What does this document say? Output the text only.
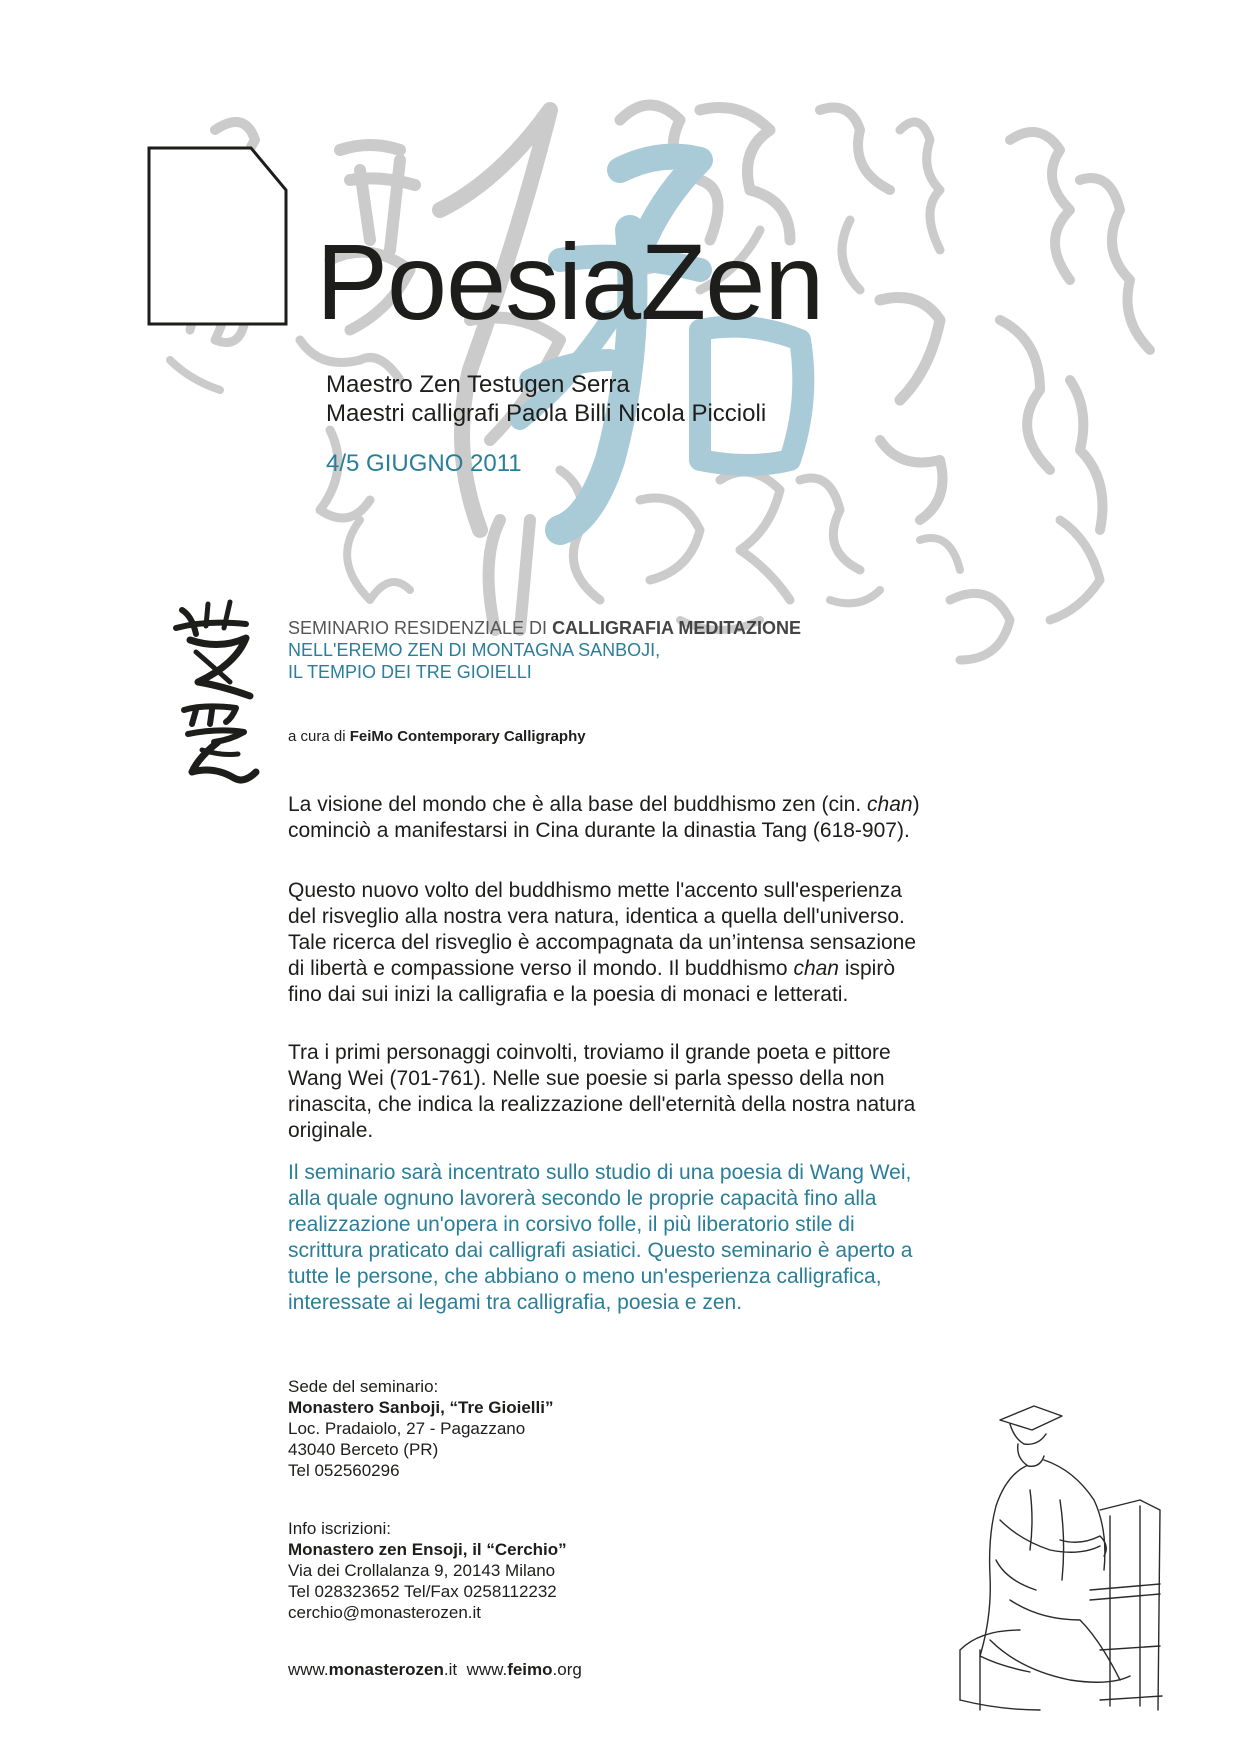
PoesiaZen
Maestro Zen Testugen Serra
Maestri calligrafi Paola Billi Nicola Piccioli
4/5 GIUGNO 2011
SEMINARIO RESIDENZIALE DI CALLIGRAFIA MEDITAZIONE
NELL'EREMO ZEN DI MONTAGNA SANBOJI,
IL TEMPIO DEI TRE GIOIELLI
a cura di FeiMo Contemporary Calligraphy
La visione del mondo che è alla base del buddhismo zen (cin. chan)
cominciò a manifestarsi in Cina durante la dinastia Tang (618-907).
Questo nuovo volto del buddhismo mette l'accento sull'esperienza
del risveglio alla nostra vera natura, identica a quella dell'universo.
Tale ricerca del risveglio è accompagnata da un’intensa sensazione
di libertà e compassione verso il mondo. Il buddhismo chan ispirò
fino dai sui inizi la calligrafia e la poesia di monaci e letterati.
Tra i primi personaggi coinvolti, troviamo il grande poeta e pittore
Wang Wei (701-761). Nelle sue poesie si parla spesso della non
rinascita, che indica la realizzazione dell'eternità della nostra natura
originale.
Il seminario sarà incentrato sullo studio di una poesia di Wang Wei,
alla quale ognuno lavorerà secondo le proprie capacità fino alla
realizzazione un'opera in corsivo folle, il più liberatorio stile di
scrittura praticato dai calligrafi asiatici. Questo seminario è aperto a
tutte le persone, che abbiano o meno un'esperienza calligrafica,
interessate ai legami tra calligrafia, poesia e zen.
Sede del seminario:
Monastero Sanboji, “Tre Gioielli”
Loc. Pradaiolo, 27 - Pagazzano
43040 Berceto (PR)
Tel 052560296
Info iscrizioni:
Monastero zen Ensoji, il “Cerchio”
Via dei Crollalanza 9, 20143 Milano
Tel 028323652 Tel/Fax 0258112232
cerchio@monasterozen.it
www.monasterozen.it www.feimo.org
